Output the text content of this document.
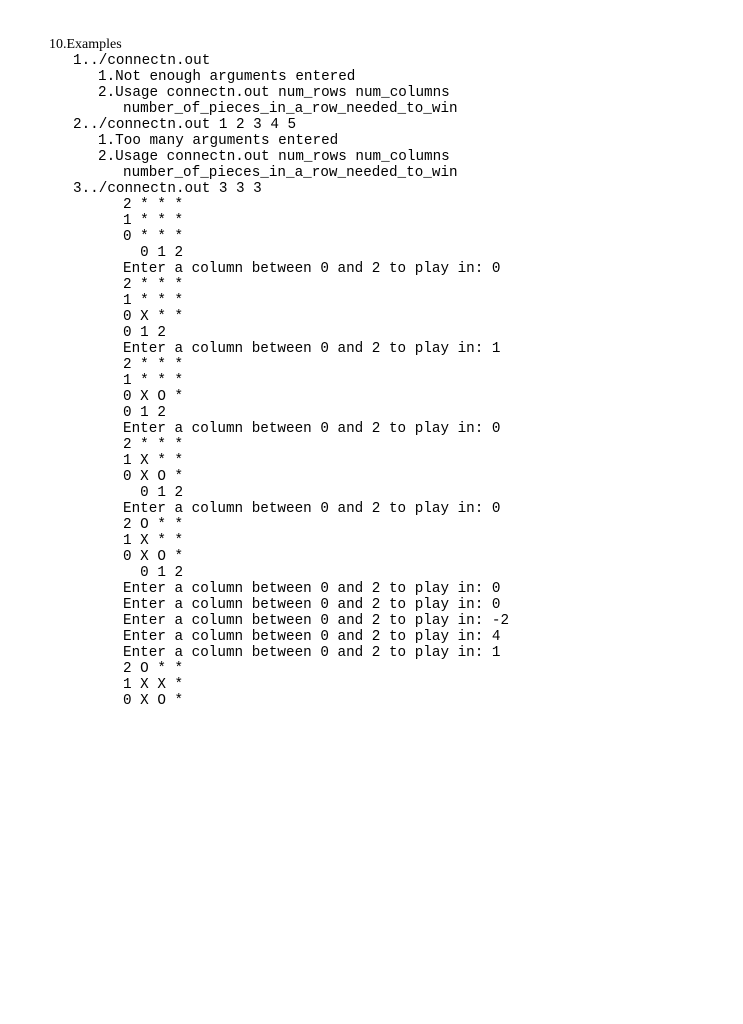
10.Examples
1../connectn.out
1.Not enough arguments entered
2.Usage connectn.out num_rows num_columns
number_of_pieces_in_a_row_needed_to_win
2../connectn.out 1 2 3 4 5
1.Too many arguments entered
2.Usage connectn.out num_rows num_columns
number_of_pieces_in_a_row_needed_to_win
3../connectn.out 3 3 3
2 * * *
1 * * *
0 * * *
0 1 2
Enter a column between 0 and 2 to play in: 0
2 * * *
1 * * *
0 X * *
0 1 2
Enter a column between 0 and 2 to play in: 1
2 * * *
1 * * *
0 X O *
0 1 2
Enter a column between 0 and 2 to play in: 0
2 * * *
1 X * *
0 X O *
0 1 2
Enter a column between 0 and 2 to play in: 0
2 O * *
1 X * *
0 X O *
0 1 2
Enter a column between 0 and 2 to play in: 0
Enter a column between 0 and 2 to play in: 0
Enter a column between 0 and 2 to play in: -2
Enter a column between 0 and 2 to play in: 4
Enter a column between 0 and 2 to play in: 1
2 O * *
1 X X *
0 X O *
